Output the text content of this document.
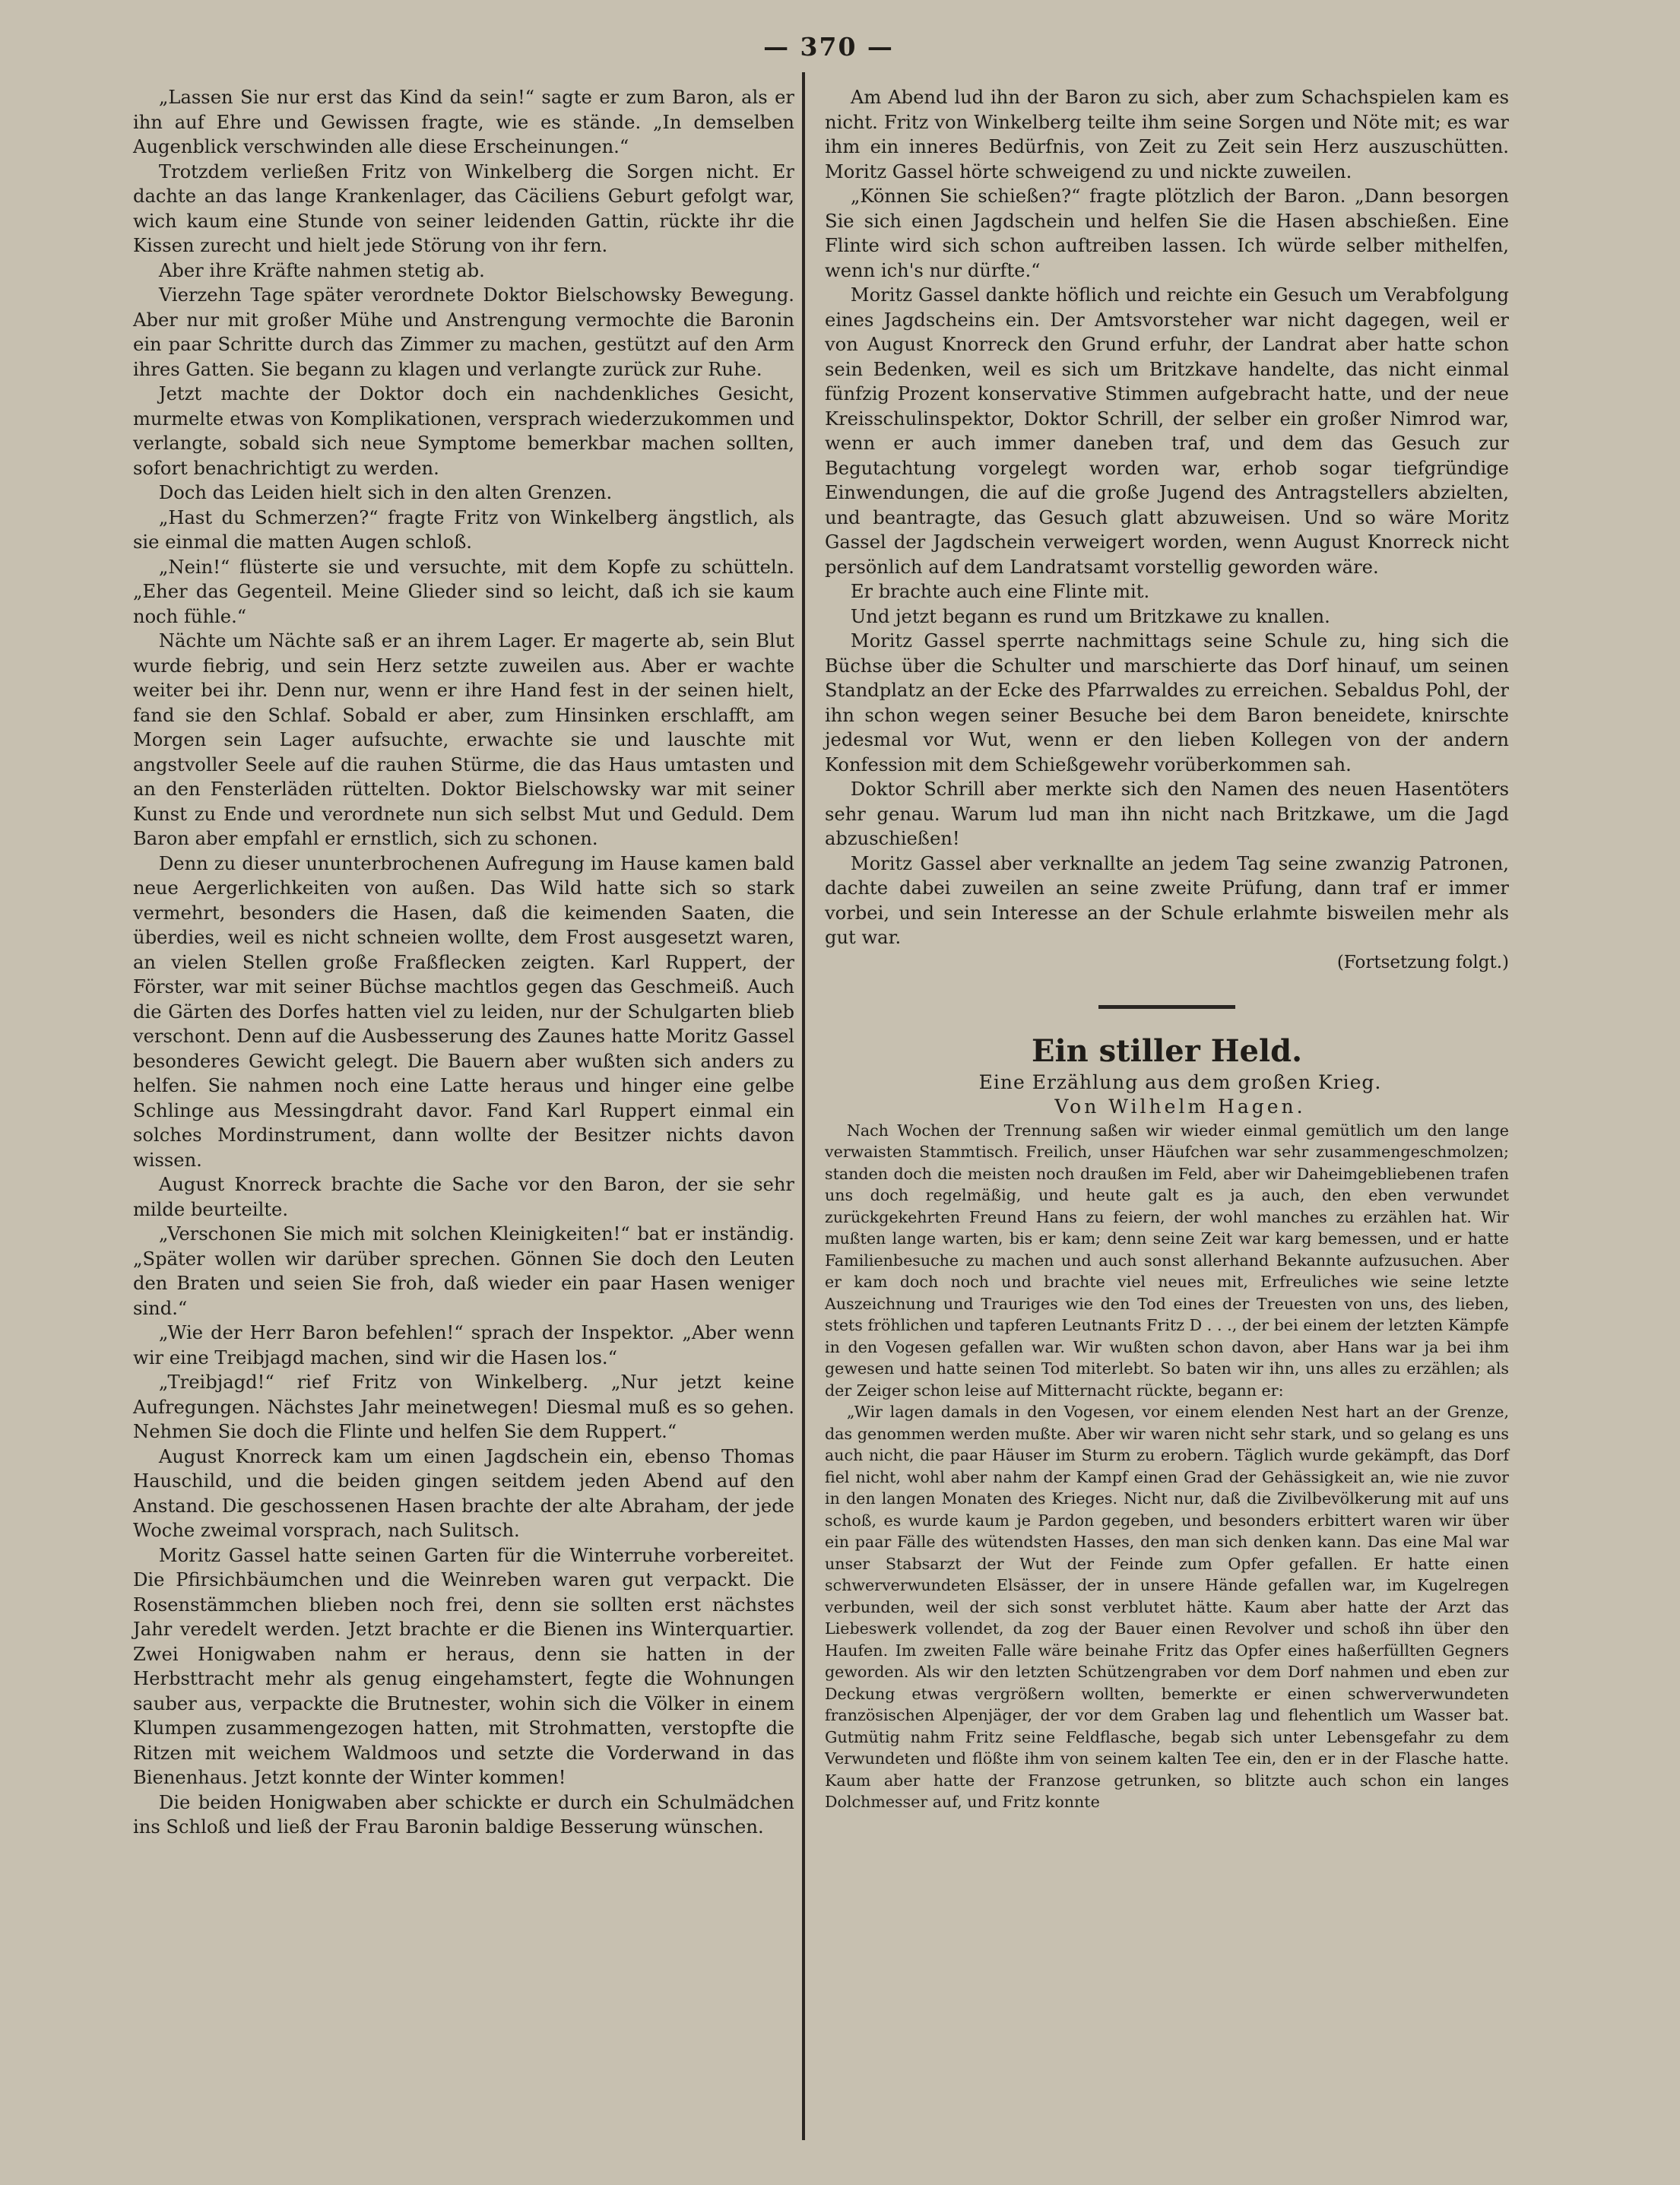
— 370 —

„Lassen Sie nur erst das Kind da sein!“ sagte er zum Baron, als er ihn auf Ehre und Gewissen fragte, wie es stände. „In demselben Augenblick verschwinden alle diese Erscheinungen.“

Trotzdem verließen Fritz von Winkelberg die Sorgen nicht. Er dachte an das lange Krankenlager, das Cäciliens Geburt gefolgt war, wich kaum eine Stunde von seiner leidenden Gattin, rückte ihr die Kissen zurecht und hielt jede Störung von ihr fern.

Aber ihre Kräfte nahmen stetig ab.

Vierzehn Tage später verordnete Doktor Bielschowsky Bewegung. Aber nur mit großer Mühe und Anstrengung vermochte die Baronin ein paar Schritte durch das Zimmer zu machen, gestützt auf den Arm ihres Gatten. Sie begann zu klagen und verlangte zurück zur Ruhe.

Jetzt machte der Doktor doch ein nachdenkliches Gesicht, murmelte etwas von Komplikationen, versprach wiederzukommen und verlangte, sobald sich neue Symptome bemerkbar machen sollten, sofort benachrichtigt zu werden.

Doch das Leiden hielt sich in den alten Grenzen.

„Hast du Schmerzen?“ fragte Fritz von Winkelberg ängstlich, als sie einmal die matten Augen schloß.

„Nein!“ flüsterte sie und versuchte, mit dem Kopfe zu schütteln. „Eher das Gegenteil. Meine Glieder sind so leicht, daß ich sie kaum noch fühle.“

Nächte um Nächte saß er an ihrem Lager. Er magerte ab, sein Blut wurde fiebrig, und sein Herz setzte zuweilen aus. Aber er wachte weiter bei ihr. Denn nur, wenn er ihre Hand fest in der seinen hielt, fand sie den Schlaf. Sobald er aber, zum Hinsinken erschlafft, am Morgen sein Lager aufsuchte, erwachte sie und lauschte mit angstvoller Seele auf die rauhen Stürme, die das Haus umtasten und an den Fensterläden rüttelten. Doktor Bielschowsky war mit seiner Kunst zu Ende und verordnete nun sich selbst Mut und Geduld. Dem Baron aber empfahl er ernstlich, sich zu schonen.

Denn zu dieser ununterbrochenen Aufregung im Hause kamen bald neue Aergerlichkeiten von außen. Das Wild hatte sich so stark vermehrt, besonders die Hasen, daß die keimenden Saaten, die überdies, weil es nicht schneien wollte, dem Frost ausgesetzt waren, an vielen Stellen große Fraßflecken zeigten. Karl Ruppert, der Förster, war mit seiner Büchse machtlos gegen das Geschmeiß. Auch die Gärten des Dorfes hatten viel zu leiden, nur der Schulgarten blieb verschont. Denn auf die Ausbesserung des Zaunes hatte Moritz Gassel besonderes Gewicht gelegt. Die Bauern aber wußten sich anders zu helfen. Sie nahmen noch eine Latte heraus und hinger eine gelbe Schlinge aus Messingdraht davor. Fand Karl Ruppert einmal ein solches Mordinstrument, dann wollte der Besitzer nichts davon wissen.

August Knorreck brachte die Sache vor den Baron, der sie sehr milde beurteilte.

„Verschonen Sie mich mit solchen Kleinigkeiten!“ bat er inständig. „Später wollen wir darüber sprechen. Gönnen Sie doch den Leuten den Braten und seien Sie froh, daß wieder ein paar Hasen weniger sind.“

„Wie der Herr Baron befehlen!“ sprach der Inspektor. „Aber wenn wir eine Treibjagd machen, sind wir die Hasen los.“

„Treibjagd!“ rief Fritz von Winkelberg. „Nur jetzt keine Aufregungen. Nächstes Jahr meinetwegen! Diesmal muß es so gehen. Nehmen Sie doch die Flinte und helfen Sie dem Ruppert.“

August Knorreck kam um einen Jagdschein ein, ebenso Thomas Hauschild, und die beiden gingen seitdem jeden Abend auf den Anstand. Die geschossenen Hasen brachte der alte Abraham, der jede Woche zweimal vorsprach, nach Sulitsch.

Moritz Gassel hatte seinen Garten für die Winterruhe vorbereitet. Die Pfirsichbäumchen und die Weinreben waren gut verpackt. Die Rosenstämmchen blieben noch frei, denn sie sollten erst nächstes Jahr veredelt werden. Jetzt brachte er die Bienen ins Winterquartier. Zwei Honigwaben nahm er heraus, denn sie hatten in der Herbsttracht mehr als genug eingehamstert, fegte die Wohnungen sauber aus, verpackte die Brutnester, wohin sich die Völker in einem Klumpen zusammengezogen hatten, mit Strohmatten, verstopfte die Ritzen mit weichem Waldmoos und setzte die Vorderwand in das Bienenhaus. Jetzt konnte der Winter kommen!

Die beiden Honigwaben aber schickte er durch ein Schulmädchen ins Schloß und ließ der Frau Baronin baldige Besserung wünschen.

Am Abend lud ihn der Baron zu sich, aber zum Schachspielen kam es nicht. Fritz von Winkelberg teilte ihm seine Sorgen und Nöte mit; es war ihm ein inneres Bedürfnis, von Zeit zu Zeit sein Herz auszuschütten. Moritz Gassel hörte schweigend zu und nickte zuweilen.

„Können Sie schießen?“ fragte plötzlich der Baron. „Dann besorgen Sie sich einen Jagdschein und helfen Sie die Hasen abschießen. Eine Flinte wird sich schon auftreiben lassen. Ich würde selber mithelfen, wenn ich's nur dürfte.“

Moritz Gassel dankte höflich und reichte ein Gesuch um Verabfolgung eines Jagdscheins ein. Der Amtsvorsteher war nicht dagegen, weil er von August Knorreck den Grund erfuhr, der Landrat aber hatte schon sein Bedenken, weil es sich um Britzkave handelte, das nicht einmal fünfzig Prozent konservative Stimmen aufgebracht hatte, und der neue Kreisschulinspektor, Doktor Schrill, der selber ein großer Nimrod war, wenn er auch immer daneben traf, und dem das Gesuch zur Begutachtung vorgelegt worden war, erhob sogar tiefgründige Einwendungen, die auf die große Jugend des Antragstellers abzielten, und beantragte, das Gesuch glatt abzuweisen. Und so wäre Moritz Gassel der Jagdschein verweigert worden, wenn August Knorreck nicht persönlich auf dem Landratsamt vorstellig geworden wäre.

Er brachte auch eine Flinte mit.

Und jetzt begann es rund um Britzkawe zu knallen.

Moritz Gassel sperrte nachmittags seine Schule zu, hing sich die Büchse über die Schulter und marschierte das Dorf hinauf, um seinen Standplatz an der Ecke des Pfarrwaldes zu erreichen. Sebaldus Pohl, der ihn schon wegen seiner Besuche bei dem Baron beneidete, knirschte jedesmal vor Wut, wenn er den lieben Kollegen von der andern Konfession mit dem Schießgewehr vorüberkommen sah.

Doktor Schrill aber merkte sich den Namen des neuen Hasentöters sehr genau. Warum lud man ihn nicht nach Britzkawe, um die Jagd abzuschießen!

Moritz Gassel aber verknallte an jedem Tag seine zwanzig Patronen, dachte dabei zuweilen an seine zweite Prüfung, dann traf er immer vorbei, und sein Interesse an der Schule erlahmte bisweilen mehr als gut war.

(Fortsetzung folgt.)

Ein stiller Held.

Eine Erzählung aus dem großen Krieg.

Von Wilhelm Hagen.

Nach Wochen der Trennung saßen wir wieder einmal gemütlich um den lange verwaisten Stammtisch. Freilich, unser Häufchen war sehr zusammengeschmolzen; standen doch die meisten noch draußen im Feld, aber wir Daheimgebliebenen trafen uns doch regelmäßig, und heute galt es ja auch, den eben verwundet zurückgekehrten Freund Hans zu feiern, der wohl manches zu erzählen hat. Wir mußten lange warten, bis er kam; denn seine Zeit war karg bemessen, und er hatte Familienbesuche zu machen und auch sonst allerhand Bekannte aufzusuchen. Aber er kam doch noch und brachte viel neues mit, Erfreuliches wie seine letzte Auszeichnung und Trauriges wie den Tod eines der Treuesten von uns, des lieben, stets fröhlichen und tapferen Leutnants Fritz D . . ., der bei einem der letzten Kämpfe in den Vogesen gefallen war. Wir wußten schon davon, aber Hans war ja bei ihm gewesen und hatte seinen Tod miterlebt. So baten wir ihn, uns alles zu erzählen; als der Zeiger schon leise auf Mitternacht rückte, begann er:

„Wir lagen damals in den Vogesen, vor einem elenden Nest hart an der Grenze, das genommen werden mußte. Aber wir waren nicht sehr stark, und so gelang es uns auch nicht, die paar Häuser im Sturm zu erobern. Täglich wurde gekämpft, das Dorf fiel nicht, wohl aber nahm der Kampf einen Grad der Gehässigkeit an, wie nie zuvor in den langen Monaten des Krieges. Nicht nur, daß die Zivilbevölkerung mit auf uns schoß, es wurde kaum je Pardon gegeben, und besonders erbittert waren wir über ein paar Fälle des wütendsten Hasses, den man sich denken kann. Das eine Mal war unser Stabsarzt der Wut der Feinde zum Opfer gefallen. Er hatte einen schwerverwundeten Elsässer, der in unsere Hände gefallen war, im Kugelregen verbunden, weil der sich sonst verblutet hätte. Kaum aber hatte der Arzt das Liebeswerk vollendet, da zog der Bauer einen Revolver und schoß ihn über den Haufen. Im zweiten Falle wäre beinahe Fritz das Opfer eines haßerfüllten Gegners geworden. Als wir den letzten Schützengraben vor dem Dorf nahmen und eben zur Deckung etwas vergrößern wollten, bemerkte er einen schwerverwundeten französischen Alpenjäger, der vor dem Graben lag und flehentlich um Wasser bat. Gutmütig nahm Fritz seine Feldflasche, begab sich unter Lebensgefahr zu dem Verwundeten und flößte ihm von seinem kalten Tee ein, den er in der Flasche hatte. Kaum aber hatte der Franzose getrunken, so blitzte auch schon ein langes Dolchmesser auf, und Fritz konnte
